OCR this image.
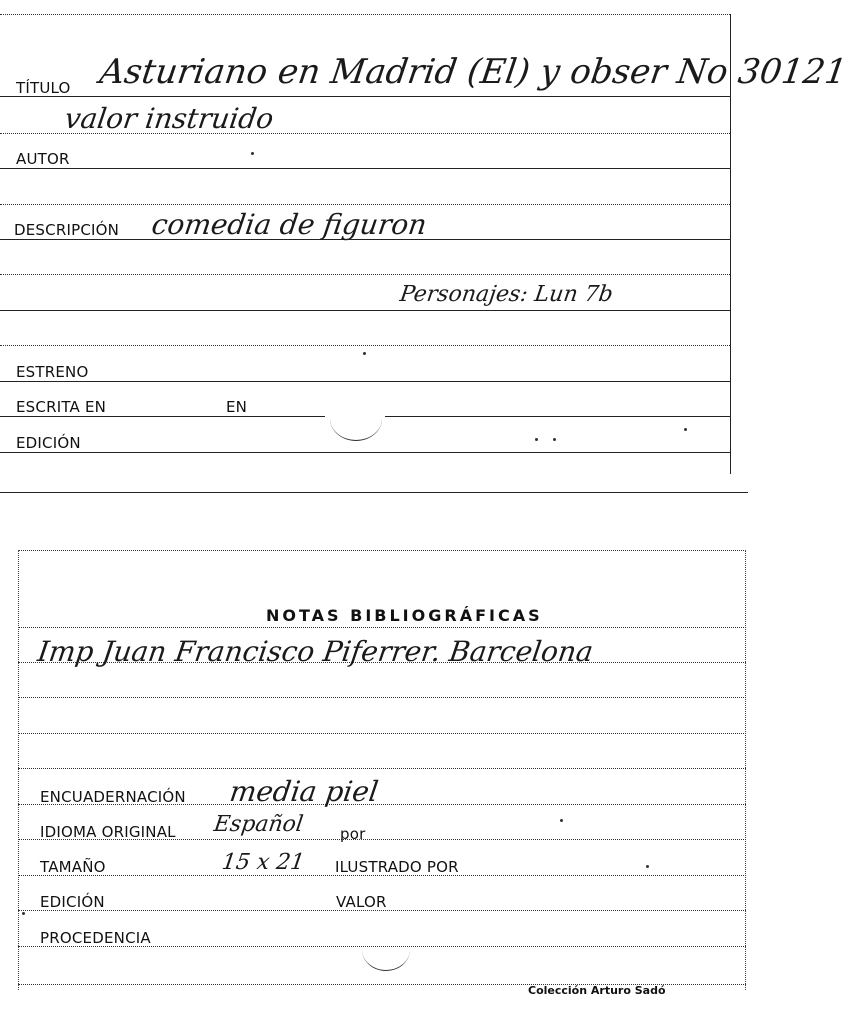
TÍTULO Asturiano en Madrid (El) y obser No 30121
valor instruido
AUTOR
DESCRIPCIÓN comedia de figuron
Personajes: Lun 7b
ESTRENO
ESCRITA EN	EN
EDICIÓN
NOTAS BIBLIOGRÁFICAS
Imp Juan Francisco Piferrer. Barcelona
ENCUADERNACIÓN media piel
IDIOMA ORIGINAL Español por
TAMAÑO	15 x 21 ILUSTRADO POR
EDICIÓN	VALOR
PROCEDENCIA
Colección Arturo Sadó
